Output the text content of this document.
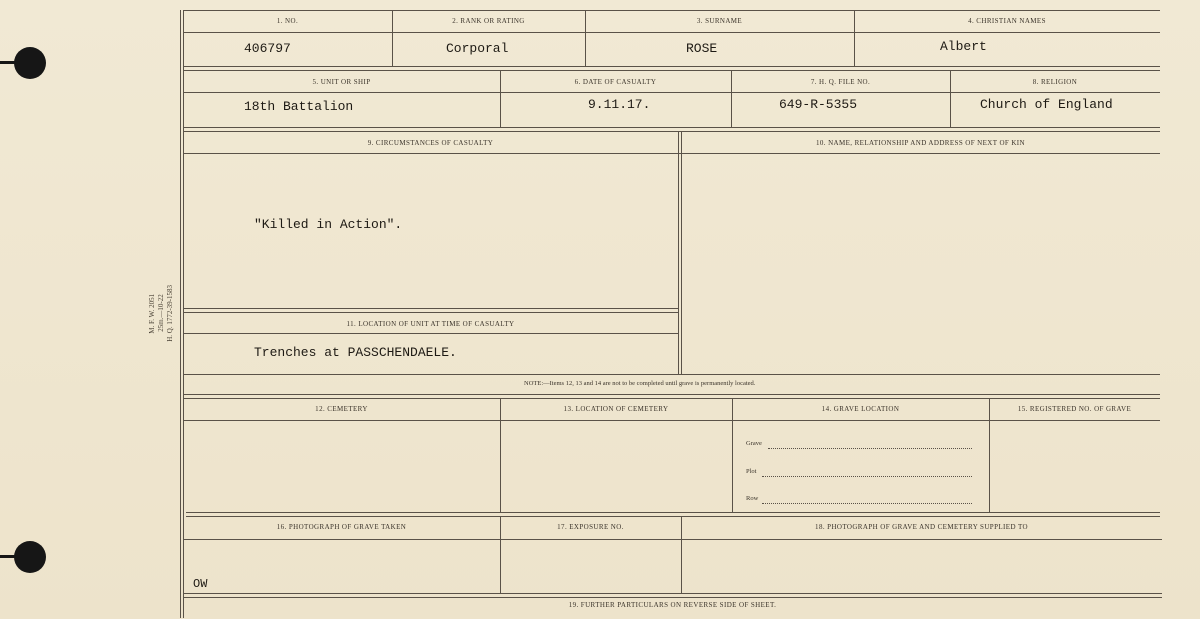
M. F. W. 2051
25m.—10-22
H. Q. 1772-39-1583
1. NO.	2. RANK OR RATING	3. SURNAME	4. CHRISTIAN NAMES
406797	Corporal	ROSE	Albert
5. UNIT OR SHIP	6. DATE OF CASUALTY	7. H. Q. FILE NO.	8. RELIGION
18th Battalion	9.11.17.	649-R-5355	Church of England
9. CIRCUMSTANCES OF CASUALTY	10. NAME, RELATIONSHIP AND ADDRESS OF NEXT OF KIN
"Killed in Action".
11. LOCATION OF UNIT AT TIME OF CASUALTY
Trenches at PASSCHENDAELE.
NOTE:—Items 12, 13 and 14 are not to be completed until grave is permanently located.
12. CEMETERY	13. LOCATION OF CEMETERY	14. GRAVE LOCATION	15. REGISTERED NO. OF GRAVE
Grave
Plot
Row
16. PHOTOGRAPH OF GRAVE TAKEN	17. EXPOSURE NO.	18. PHOTOGRAPH OF GRAVE AND CEMETERY SUPPLIED TO
OW
19. FURTHER PARTICULARS ON REVERSE SIDE OF SHEET.
